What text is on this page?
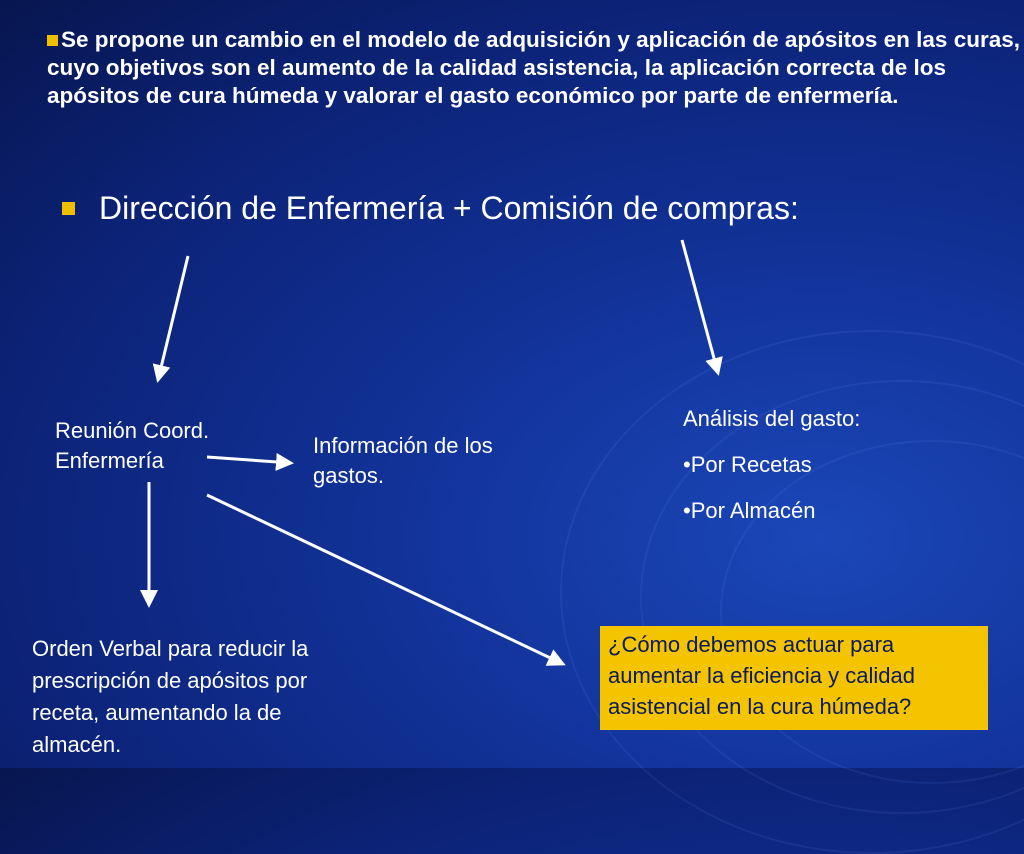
Se propone un cambio en el modelo de adquisición y aplicación de apósitos en las curas, cuyo objetivos son el aumento de la calidad asistencia, la aplicación correcta de los apósitos de cura húmeda y valorar el gasto económico por parte de enfermería.
Dirección de Enfermería + Comisión de compras:
Reunión Coord.
Enfermería
Información de los
gastos.
Análisis del gasto:
•Por Recetas
•Por Almacén
Orden Verbal para reducir la
prescripción de apósitos por
receta, aumentando la de
almacén.
¿Cómo debemos actuar para
aumentar la eficiencia y calidad
asistencial en la cura húmeda?
